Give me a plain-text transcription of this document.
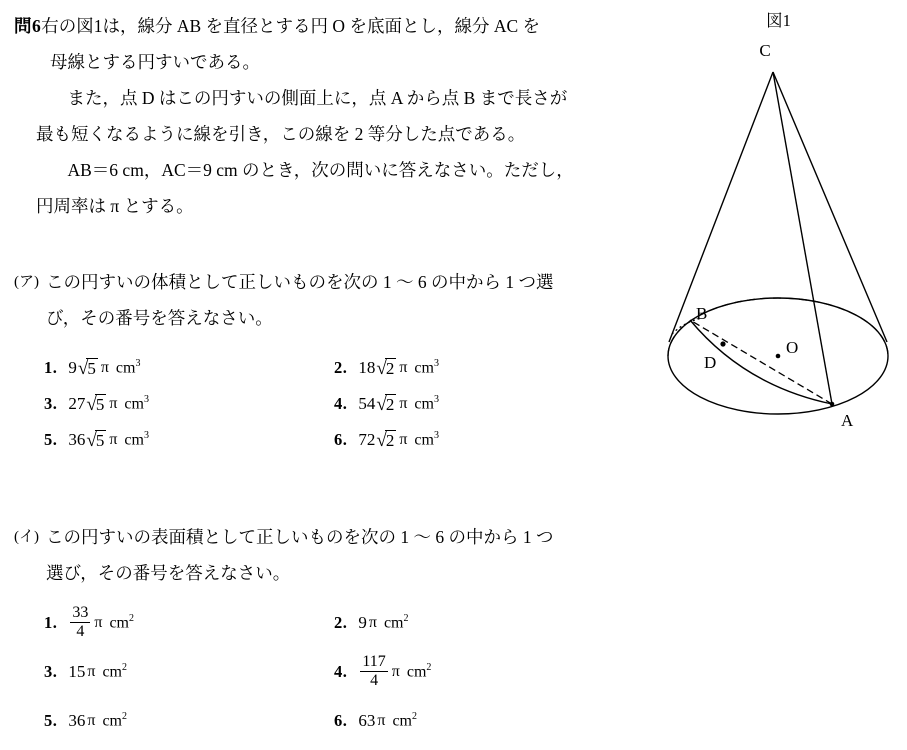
問6右の図1は，線分 AB を直径とする円 O を底面とし，線分 AC を
母線とする円すいである。
　また，点 D はこの円すいの側面上に，点 A から点 B まで長さが
最も短くなるように線を引き，この線を 2 等分した点である。
　AB＝6 cm，AC＝9 cm のとき，次の問いに答えなさい。ただし，
円周率は π とする。
(ア) この円すいの体積として正しいものを次の 1 ～ 6 の中から 1 つ選
び，その番号を答えなさい。
1. 9 √ 5 π $cm^3$	2. 18 √ 2 π $cm^3$
3. 27 √ 5 π $cm^3$	4. 54 √ 2 π $cm^3$
5. 36 √ 5 π $cm^3$	6. 72 √ 2 π $cm^3$
(イ) この円すいの表面積として正しいものを次の 1 ～ 6 の中から 1 つ
選び，その番号を答えなさい。
1. $\frac{33}{4}$ π $cm^2$	2. 9 π $cm^2$
3. 15 π $cm^2$	4. $\frac{117}{4}$ π $cm^2$
5. 36 π $cm^2$	6. 63 π $cm^2$
図1
C
A
B
D
O
